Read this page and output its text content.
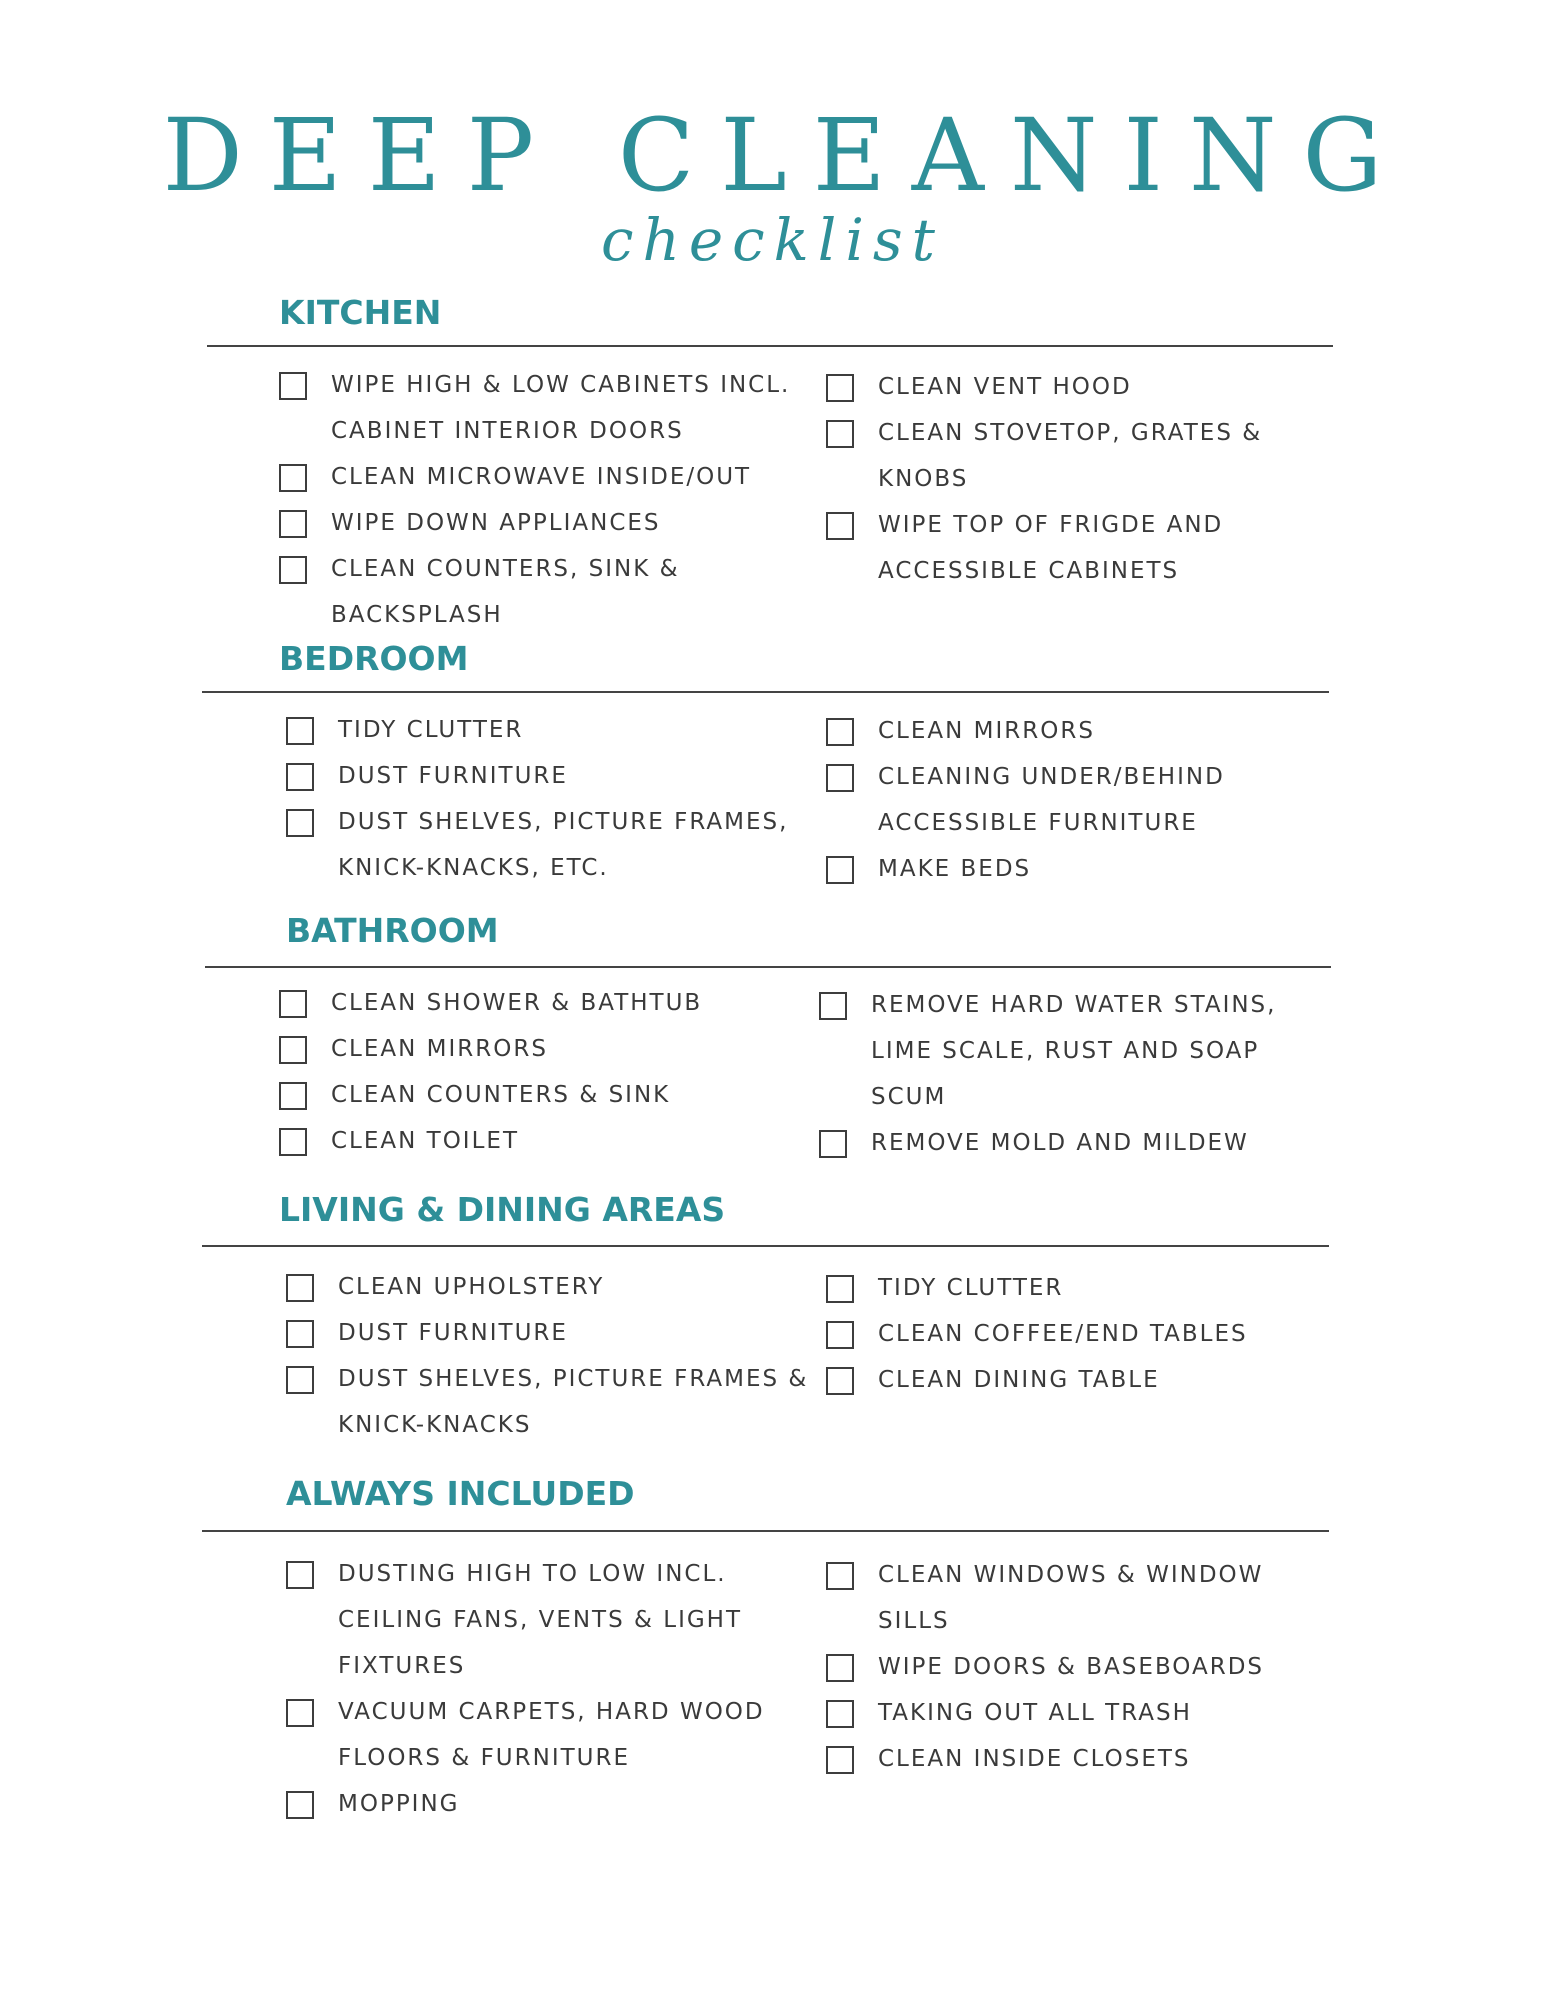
DEEP CLEANING
checklist
KITCHEN
WIPE HIGH & LOW CABINETS INCL.
CABINET INTERIOR DOORS
CLEAN MICROWAVE INSIDE/OUT
WIPE DOWN APPLIANCES
CLEAN COUNTERS, SINK &
BACKSPLASH
CLEAN VENT HOOD
CLEAN STOVETOP, GRATES &
KNOBS
WIPE TOP OF FRIGDE AND
ACCESSIBLE CABINETS
BEDROOM
TIDY CLUTTER
DUST FURNITURE
DUST SHELVES, PICTURE FRAMES,
KNICK-KNACKS, ETC.
CLEAN MIRRORS
CLEANING UNDER/BEHIND
ACCESSIBLE FURNITURE
MAKE BEDS
BATHROOM
CLEAN SHOWER & BATHTUB
CLEAN MIRRORS
CLEAN COUNTERS & SINK
CLEAN TOILET
REMOVE HARD WATER STAINS,
LIME SCALE, RUST AND SOAP
SCUM
REMOVE MOLD AND MILDEW
LIVING & DINING AREAS
CLEAN UPHOLSTERY
DUST FURNITURE
DUST SHELVES, PICTURE FRAMES &
KNICK-KNACKS
TIDY CLUTTER
CLEAN COFFEE/END TABLES
CLEAN DINING TABLE
ALWAYS INCLUDED
DUSTING HIGH TO LOW INCL.
CEILING FANS, VENTS & LIGHT
FIXTURES
VACUUM CARPETS, HARD WOOD
FLOORS & FURNITURE
MOPPING
CLEAN WINDOWS & WINDOW
SILLS
WIPE DOORS & BASEBOARDS
TAKING OUT ALL TRASH
CLEAN INSIDE CLOSETS
